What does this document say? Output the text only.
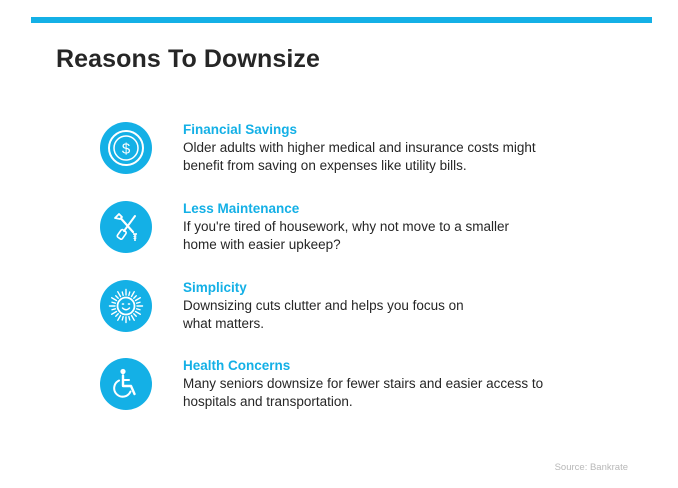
Reasons To Downsize
$
Financial Savings
Older adults with higher medical and insurance costs might
benefit from saving on expenses like utility bills.
Less Maintenance
If you're tired of housework, why not move to a smaller
home with easier upkeep?
Simplicity
Downsizing cuts clutter and helps you focus on
what matters.
Health Concerns
Many seniors downsize for fewer stairs and easier access to
hospitals and transportation.
Source: Bankrate
